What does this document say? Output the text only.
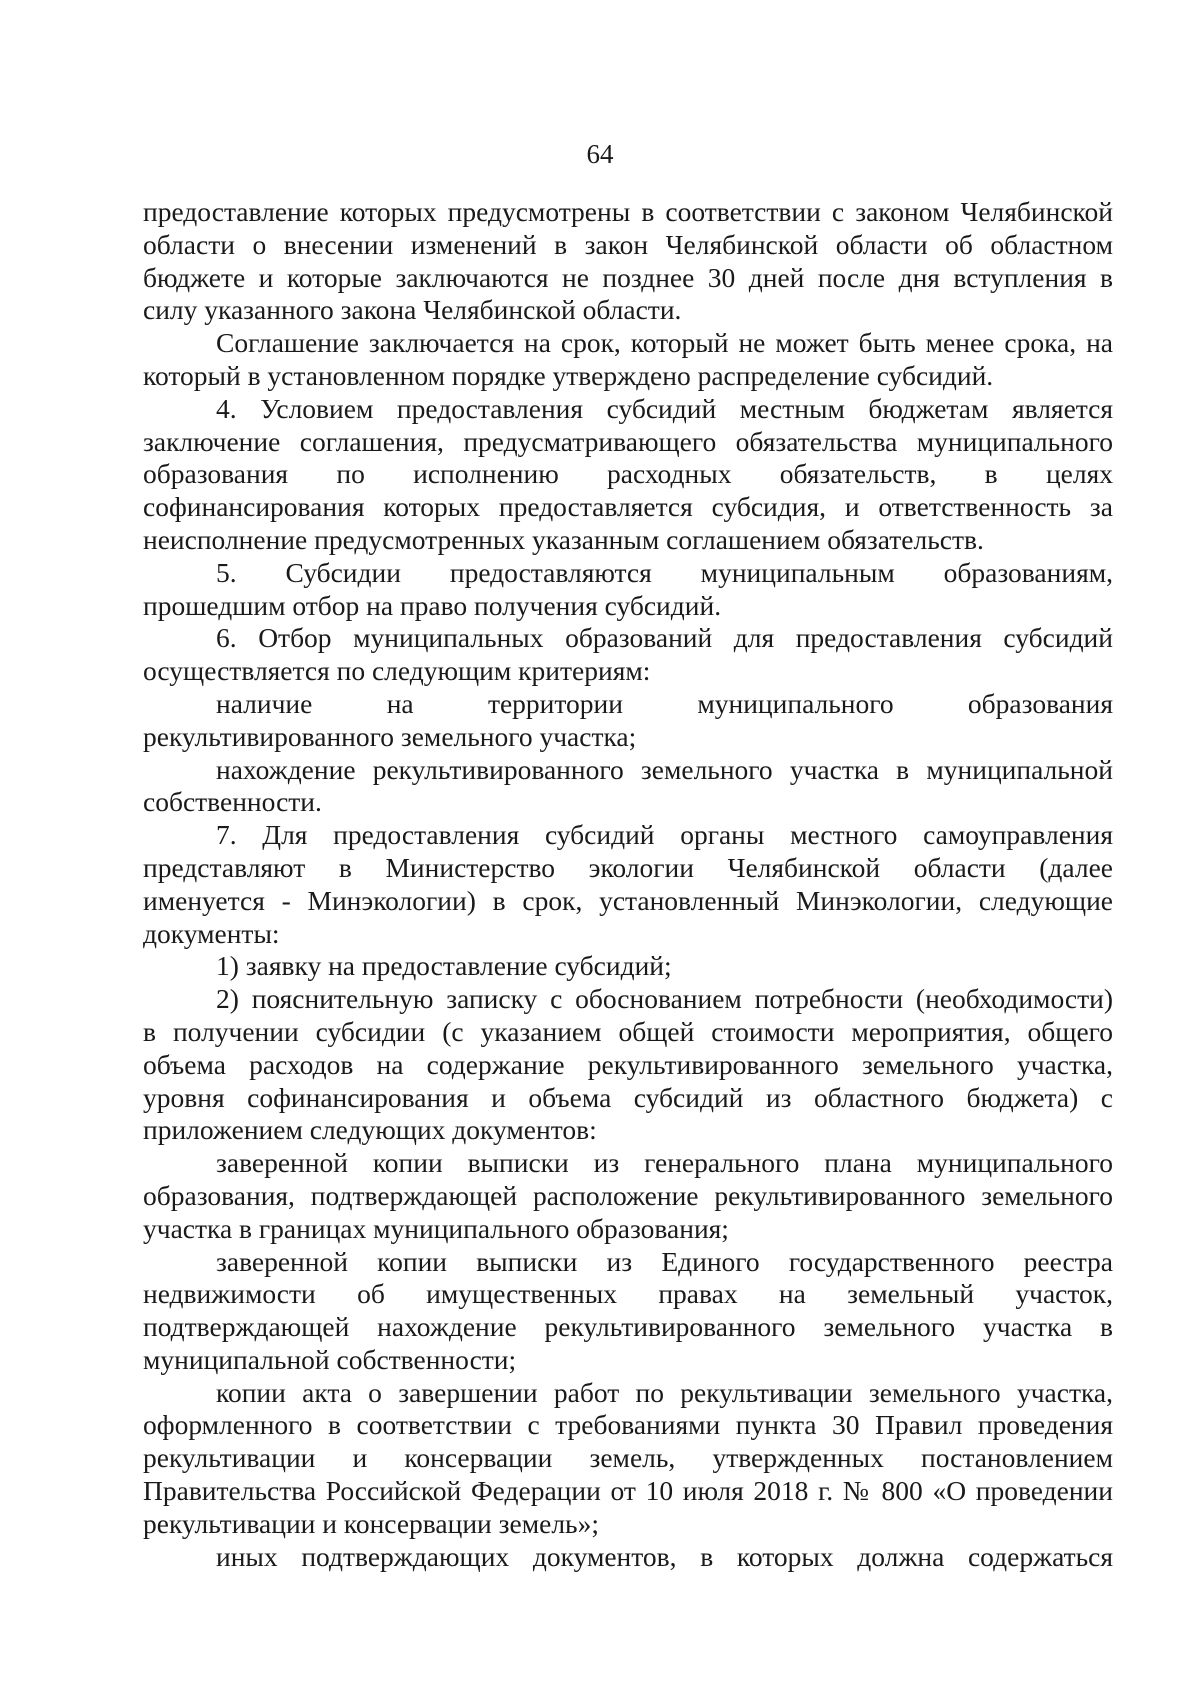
64
предоставление которых предусмотрены в соответствии с законом Челябинской
области о внесении изменений в закон Челябинской области об областном
бюджете и которые заключаются не позднее 30 дней после дня вступления в
силу указанного закона Челябинской области.
Соглашение заключается на срок, который не может быть менее срока, на
который в установленном порядке утверждено распределение субсидий.
4. Условием предоставления субсидий местным бюджетам является
заключение соглашения, предусматривающего обязательства муниципального
образования по исполнению расходных обязательств, в целях
софинансирования которых предоставляется субсидия, и ответственность за
неисполнение предусмотренных указанным соглашением обязательств.
5. Субсидии предоставляются муниципальным образованиям,
прошедшим отбор на право получения субсидий.
6. Отбор муниципальных образований для предоставления субсидий
осуществляется по следующим критериям:
наличие на территории муниципального образования
рекультивированного земельного участка;
нахождение рекультивированного земельного участка в муниципальной
собственности.
7. Для предоставления субсидий органы местного самоуправления
представляют в Министерство экологии Челябинской области (далее
именуется - Минэкологии) в срок, установленный Минэкологии, следующие
документы:
1) заявку на предоставление субсидий;
2) пояснительную записку с обоснованием потребности (необходимости)
в получении субсидии (с указанием общей стоимости мероприятия, общего
объема расходов на содержание рекультивированного земельного участка,
уровня софинансирования и объема субсидий из областного бюджета) с
приложением следующих документов:
заверенной копии выписки из генерального плана муниципального
образования, подтверждающей расположение рекультивированного земельного
участка в границах муниципального образования;
заверенной копии выписки из Единого государственного реестра
недвижимости об имущественных правах на земельный участок,
подтверждающей нахождение рекультивированного земельного участка в
муниципальной собственности;
копии акта о завершении работ по рекультивации земельного участка,
оформленного в соответствии с требованиями пункта 30 Правил проведения
рекультивации и консервации земель, утвержденных постановлением
Правительства Российской Федерации от 10 июля 2018 г. № 800 «О проведении
рекультивации и консервации земель»;
иных подтверждающих документов, в которых должна содержаться
